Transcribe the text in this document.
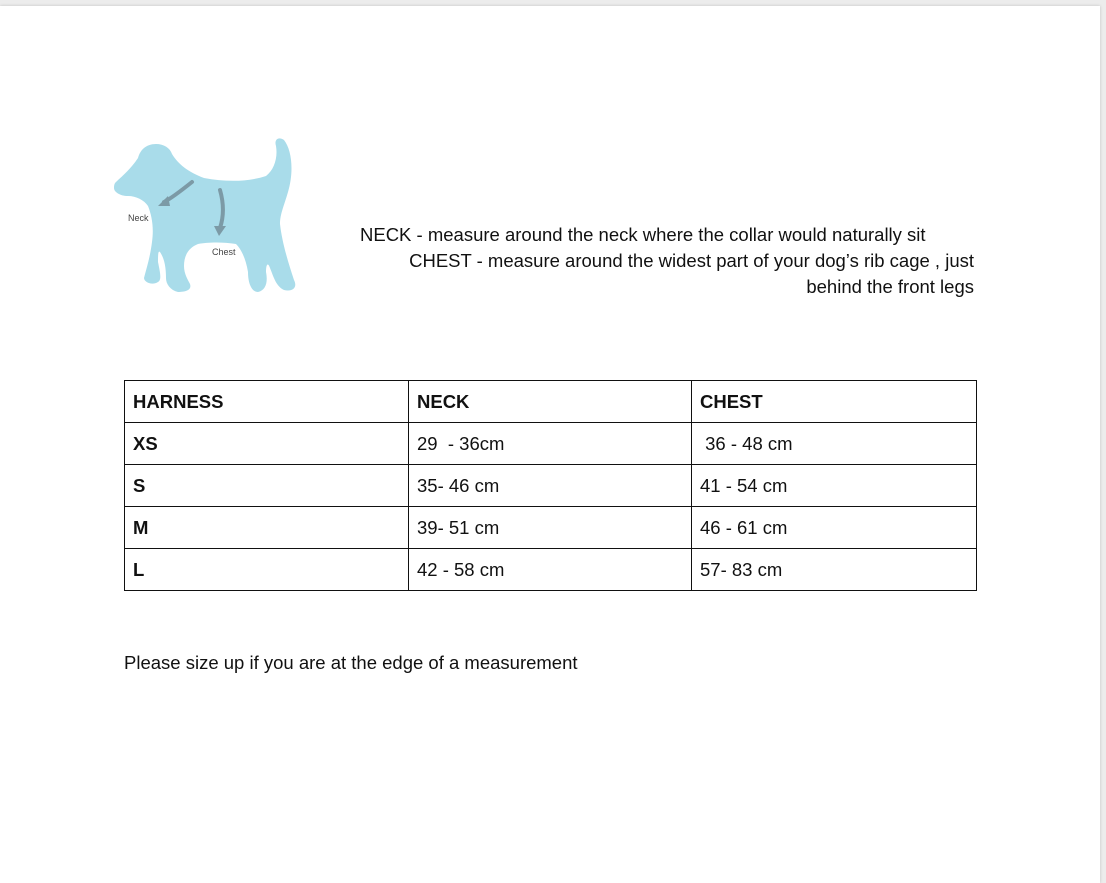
Neck
Chest
NECK - measure around the neck where the collar would naturally sit
CHEST - measure around the widest part of your dog’s rib cage , just behind the front legs
HARNESS	NECK	CHEST
XS	29  - 36cm	36 - 48 cm
S	35- 46 cm	41 - 54 cm
M	39- 51 cm	46 - 61 cm
L	42 - 58 cm	57- 83 cm
Please size up if you are at the edge of a measurement
